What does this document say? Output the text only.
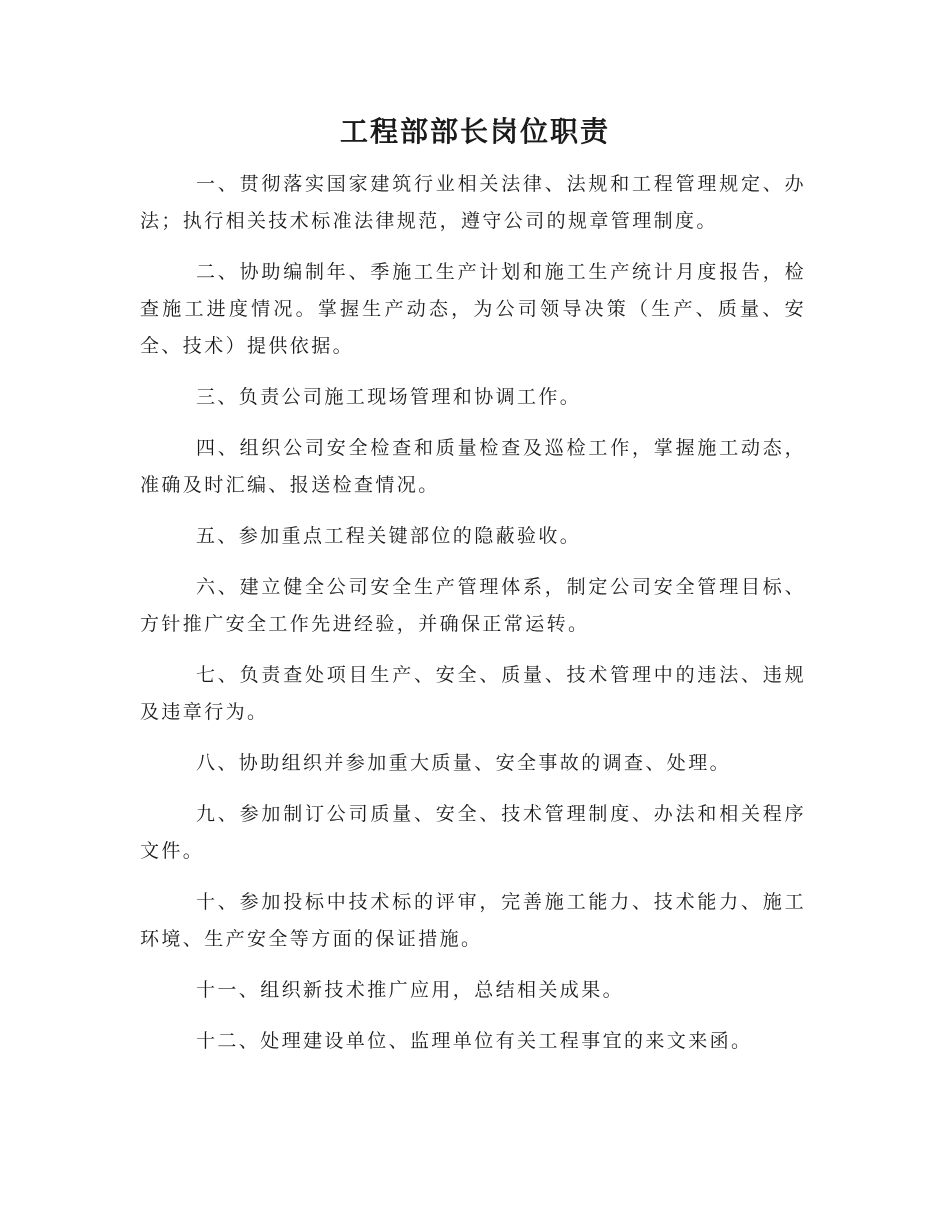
工程部部长岗位职责

一、贯彻落实国家建筑行业相关法律、法规和工程管理规定、办法；执行相关技术标准法律规范，遵守公司的规章管理制度。

二、协助编制年、季施工生产计划和施工生产统计月度报告，检查施工进度情况。掌握生产动态，为公司领导决策（生产、质量、安全、技术）提供依据。

三、负责公司施工现场管理和协调工作。

四、组织公司安全检查和质量检查及巡检工作，掌握施工动态，准确及时汇编、报送检查情况。

五、参加重点工程关键部位的隐蔽验收。

六、建立健全公司安全生产管理体系，制定公司安全管理目标、方针推广安全工作先进经验，并确保正常运转。

七、负责查处项目生产、安全、质量、技术管理中的违法、违规及违章行为。

八、协助组织并参加重大质量、安全事故的调查、处理。

九、参加制订公司质量、安全、技术管理制度、办法和相关程序文件。

十、参加投标中技术标的评审，完善施工能力、技术能力、施工环境、生产安全等方面的保证措施。

十一、组织新技术推广应用，总结相关成果。

十二、处理建设单位、监理单位有关工程事宜的来文来函。
